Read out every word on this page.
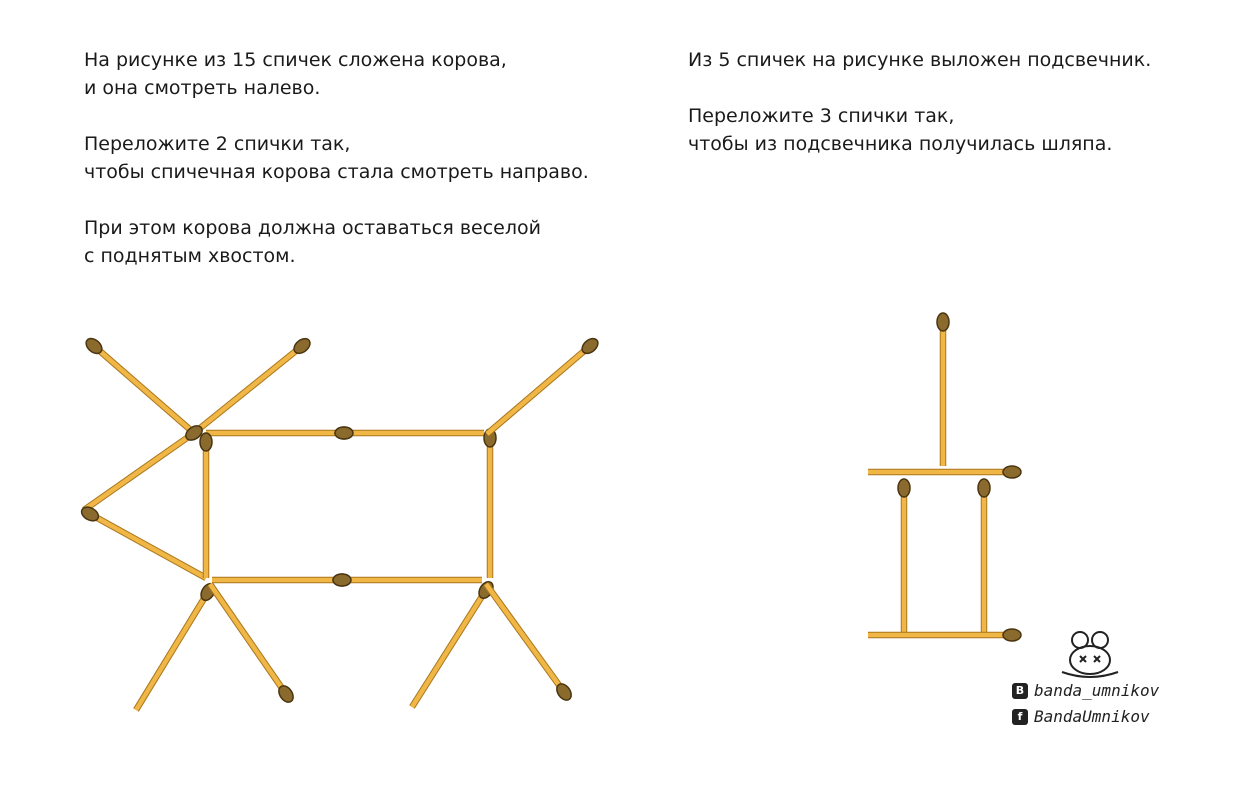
На рисунке из 15 спичек сложена корова,

и она смотреть налево.

Переложите 2 спички так,

чтобы спичечная корова стала смотреть направо.

При этом корова должна оставаться веселой

с поднятым хвостом.

Из 5 спичек на рисунке выложен подсвечник.

Переложите 3 спички так,

чтобы из подсвечника получилась шляпа.

B banda_umnikov
f BandaUmnikov
